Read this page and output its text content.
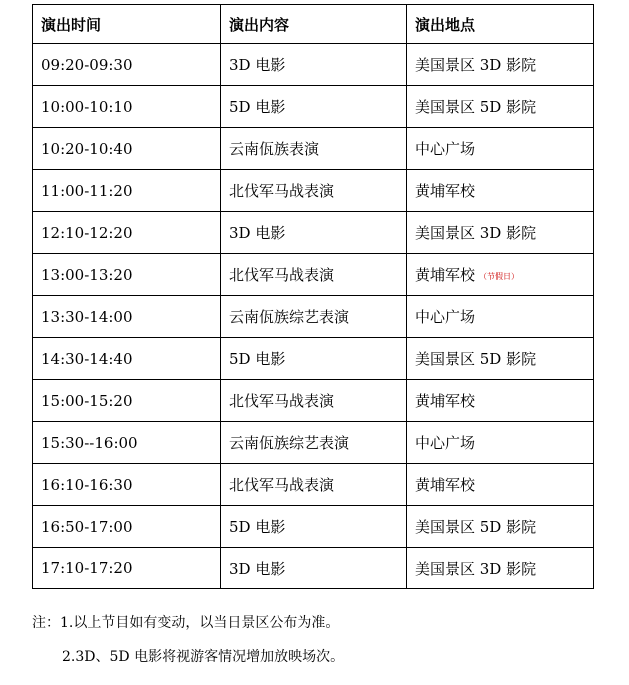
演出时间	演出内容	演出地点
09:20-09:30	3D 电影	美国景区 3D 影院
10:00-10:10	5D 电影	美国景区 5D 影院
10:20-10:40	云南佤族表演	中心广场
11:00-11:20	北伐军马战表演	黄埔军校
12:10-12:20	3D 电影	美国景区 3D 影院
13:00-13:20	北伐军马战表演	黄埔军校 （节假日）
13:30-14:00	云南佤族综艺表演	中心广场
14:30-14:40	5D 电影	美国景区 5D 影院
15:00-15:20	北伐军马战表演	黄埔军校
15:30--16:00	云南佤族综艺表演	中心广场
16:10-16:30	北伐军马战表演	黄埔军校
16:50-17:00	5D 电影	美国景区 5D 影院
17:10-17:20	3D 电影	美国景区 3D 影院
注：1.以上节目如有变动，以当日景区公布为准。
2.3D、5D 电影将视游客情况增加放映场次。
